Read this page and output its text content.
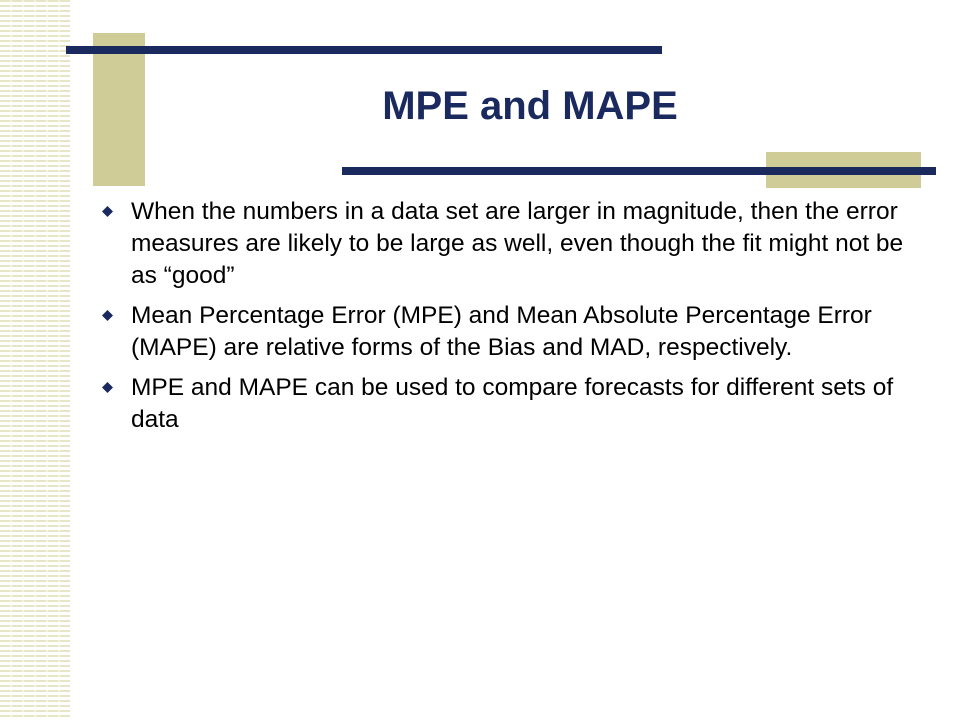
MPE and MAPE
When the numbers in a data set are larger in magnitude, then the error measures are likely to be large as well, even though the fit might not be as “good”
Mean Percentage Error (MPE) and Mean Absolute Percentage Error (MAPE) are relative forms of the Bias and MAD, respectively.
MPE and MAPE can be used to compare forecasts for different sets of data
